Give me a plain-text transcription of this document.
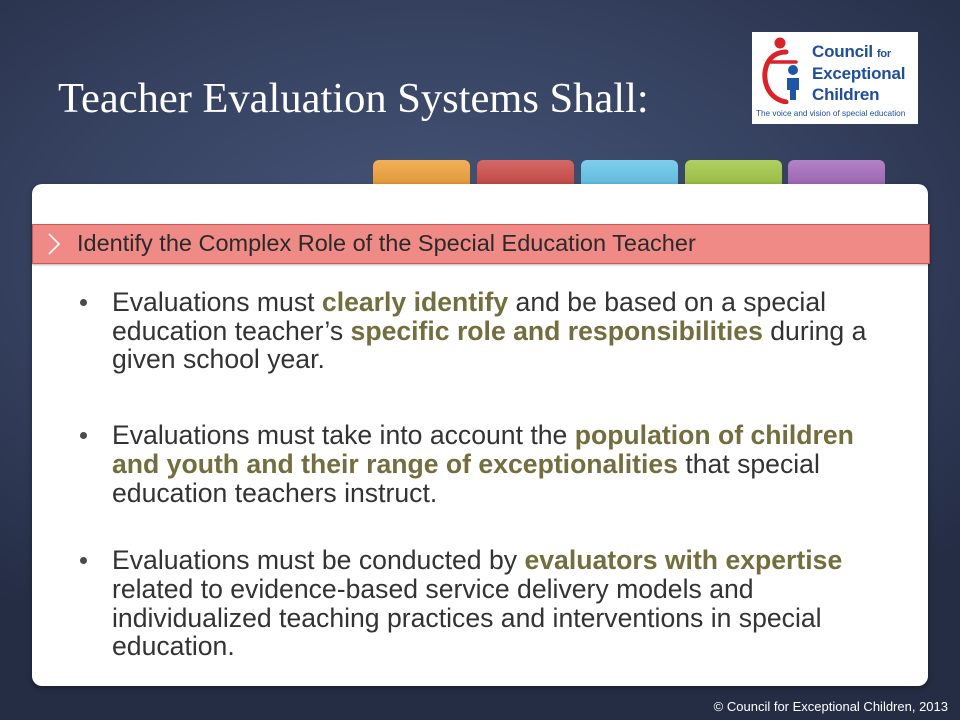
Teacher Evaluation Systems Shall:
Council for
Exceptional
Children
The voice and vision of special education
Identify the Complex Role of the Special Education Teacher
Evaluations must clearly identify and be based on a special education teacher’s specific role and responsibilities during a given school year.
Evaluations must take into account the population of children and youth and their range of exceptionalities that special education teachers instruct.
Evaluations must be conducted by evaluators with expertise related to evidence-based service delivery models and individualized teaching practices and interventions in special education.
© Council for Exceptional Children, 2013
